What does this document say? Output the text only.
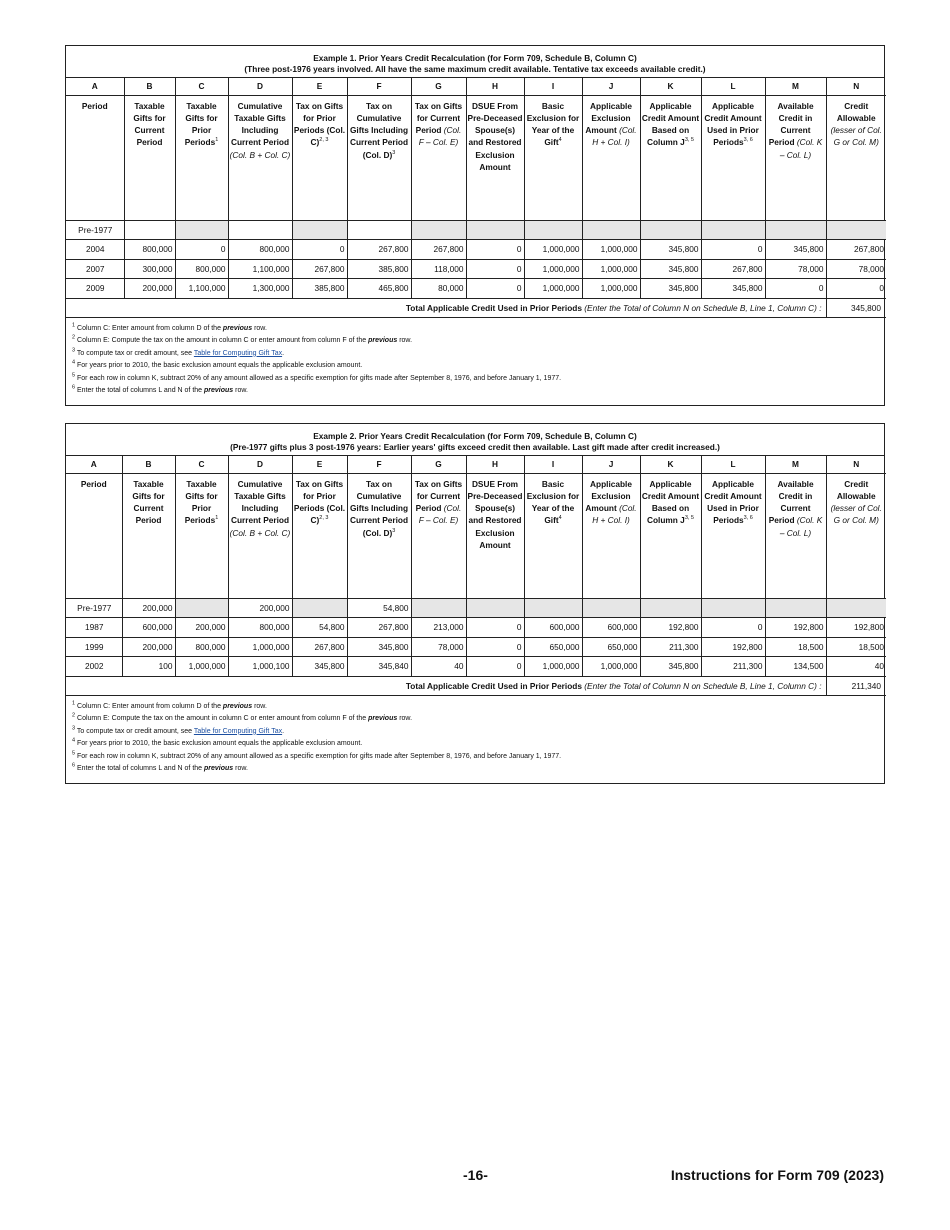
Example 1. Prior Years Credit Recalculation (for Form 709, Schedule B, Column C)
(Three post-1976 years involved. All have the same maximum credit available. Tentative tax exceeds available credit.)
A	B	C	D	E	F	G	H	I	J	K	L	M	N
Period	Taxable Gifts for Current Period	Taxable Gifts for Prior Periods$^1$	Cumulative Taxable Gifts Including Current Period (Col. B + Col. C)	Tax on Gifts for Prior Periods (Col. C)$^{2, 3}$	Tax on Cumulative Gifts Including Current Period (Col. D)$^3$	Tax on Gifts for Current Period (Col. F – Col. E)	DSUE From Pre-Deceased Spouse(s) and Restored Exclusion Amount	Basic Exclusion for Year of the Gift$^4$	Applicable Exclusion Amount (Col. H + Col. I)	Applicable Credit Amount Based on Column J$^{3, 5}$	Applicable Credit Amount Used in Prior Periods$^{3, 6}$	Available Credit in Current Period (Col. K – Col. L)	Credit Allowable (lesser of Col. G or Col. M)
Pre-1977													
2004	800,000	0	800,000	0	267,800	267,800	0	1,000,000	1,000,000	345,800	0	345,800	267,800
2007	300,000	800,000	1,100,000	267,800	385,800	118,000	0	1,000,000	1,000,000	345,800	267,800	78,000	78,000
2009	200,000	1,100,000	1,300,000	385,800	465,800	80,000	0	1,000,000	1,000,000	345,800	345,800	0	0
Total Applicable Credit Used in Prior Periods (Enter the Total of Column N on Schedule B, Line 1, Column C) :													345,800
$^1$ Column C: Enter amount from column D of the previous row.
$^2$ Column E: Compute the tax on the amount in column C or enter amount from column F of the previous row.
$^3$ To compute tax or credit amount, see Table for Computing Gift Tax.
$^4$ For years prior to 2010, the basic exclusion amount equals the applicable exclusion amount.
$^5$ For each row in column K, subtract 20% of any amount allowed as a specific exemption for gifts made after September 8, 1976, and before January 1, 1977.
$^6$ Enter the total of columns L and N of the previous row.
Example 2. Prior Years Credit Recalculation (for Form 709, Schedule B, Column C)
(Pre-1977 gifts plus 3 post-1976 years: Earlier years' gifts exceed credit then available. Last gift made after credit increased.)
A	B	C	D	E	F	G	H	I	J	K	L	M	N
Period	Taxable Gifts for Current Period	Taxable Gifts for Prior Periods$^1$	Cumulative Taxable Gifts Including Current Period (Col. B + Col. C)	Tax on Gifts for Prior Periods (Col. C)$^{2, 3}$	Tax on Cumulative Gifts Including Current Period (Col. D)$^3$	Tax on Gifts for Current Period (Col. F – Col. E)	DSUE From Pre-Deceased Spouse(s) and Restored Exclusion Amount	Basic Exclusion for Year of the Gift$^4$	Applicable Exclusion Amount (Col. H + Col. I)	Applicable Credit Amount Based on Column J$^{3, 5}$	Applicable Credit Amount Used in Prior Periods$^{3, 6}$	Available Credit in Current Period (Col. K – Col. L)	Credit Allowable (lesser of Col. G or Col. M)
Pre-1977	200,000		200,000		54,800								
1987	600,000	200,000	800,000	54,800	267,800	213,000	0	600,000	600,000	192,800	0	192,800	192,800
1999	200,000	800,000	1,000,000	267,800	345,800	78,000	0	650,000	650,000	211,300	192,800	18,500	18,500
2002	100	1,000,000	1,000,100	345,800	345,840	40	0	1,000,000	1,000,000	345,800	211,300	134,500	40
Total Applicable Credit Used in Prior Periods (Enter the Total of Column N on Schedule B, Line 1, Column C) :													211,340
$^1$ Column C: Enter amount from column D of the previous row.
$^2$ Column E: Compute the tax on the amount in column C or enter amount from column F of the previous row.
$^3$ To compute tax or credit amount, see Table for Computing Gift Tax.
$^4$ For years prior to 2010, the basic exclusion amount equals the applicable exclusion amount.
$^5$ For each row in column K, subtract 20% of any amount allowed as a specific exemption for gifts made after September 8, 1976, and before January 1, 1977.
$^6$ Enter the total of columns L and N of the previous row.
-16-	Instructions for Form 709 (2023)
